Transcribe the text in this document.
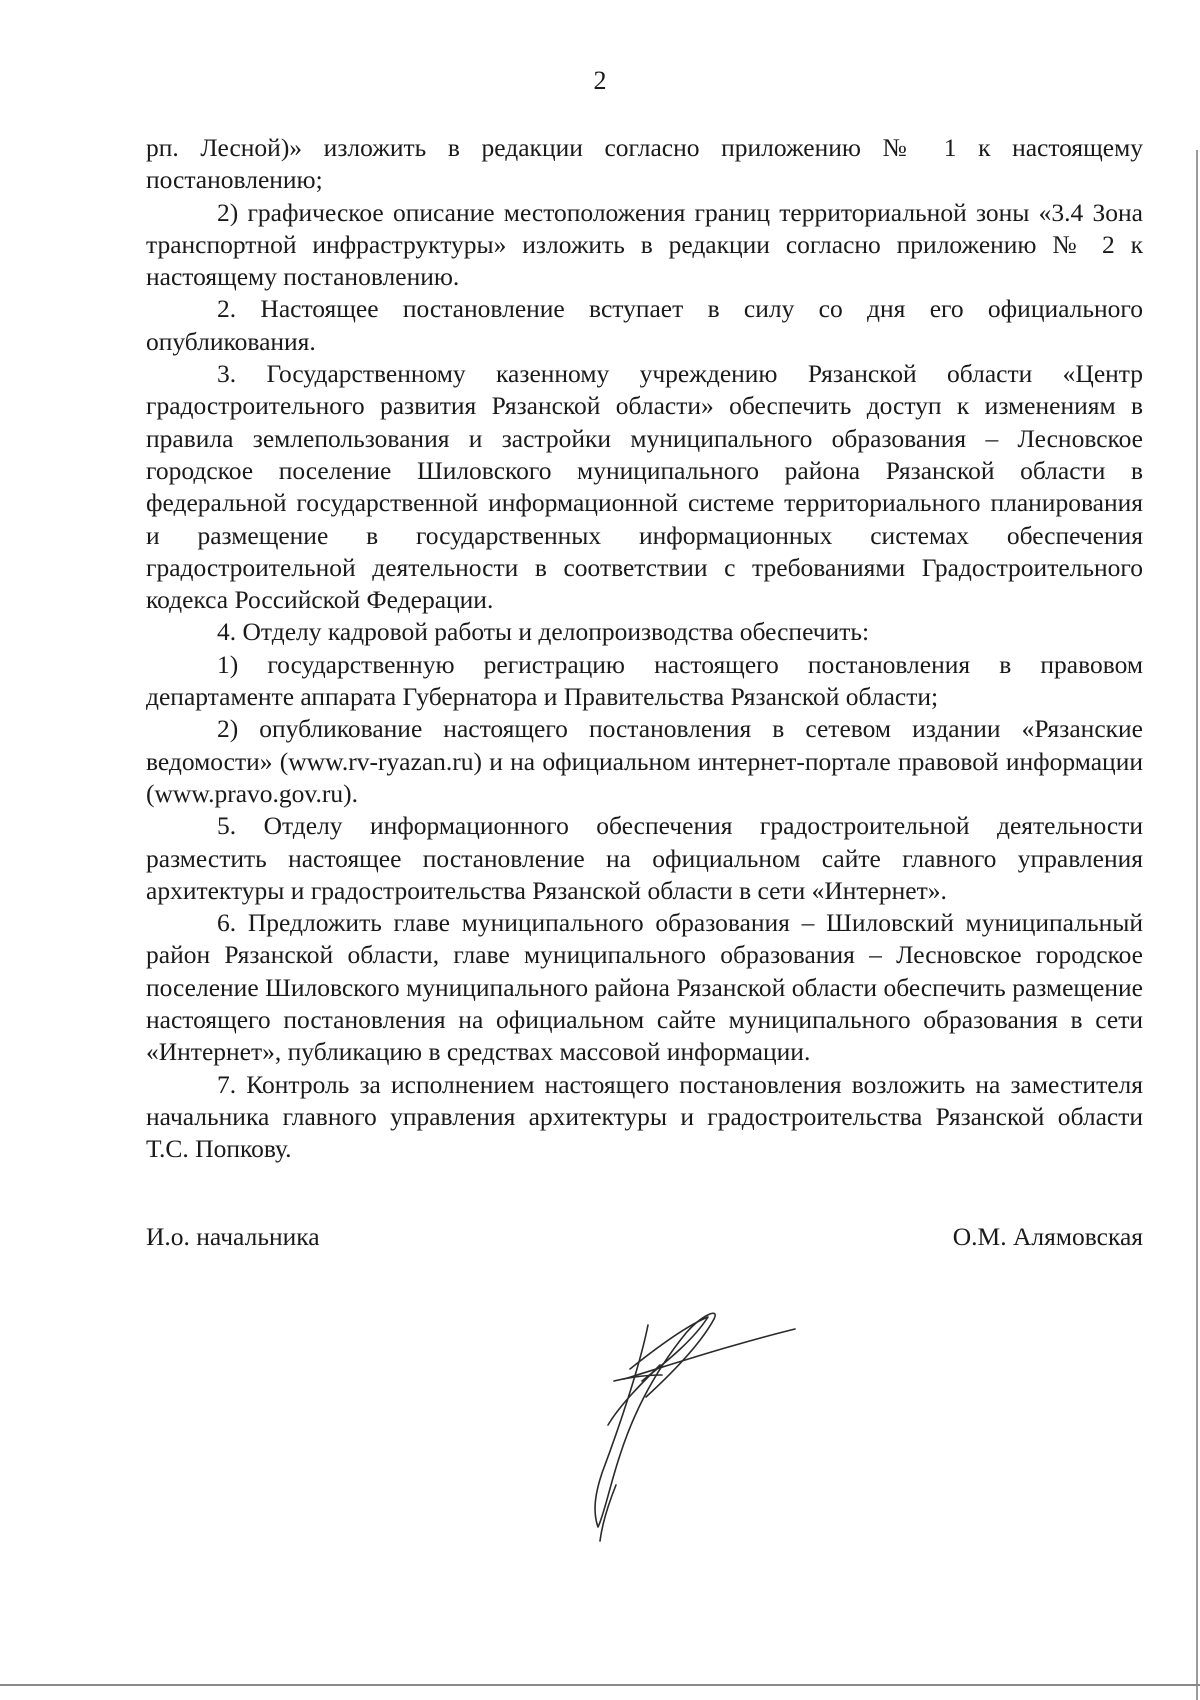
2

рп. Лесной)» изложить в редакции согласно приложению № 1 к настоящему постановлению;

2) графическое описание местоположения границ территориальной зоны «3.4 Зона транспортной инфраструктуры» изложить в редакции согласно приложению № 2 к настоящему постановлению.

2. Настоящее постановление вступает в силу со дня его официального опубликования.

3. Государственному казенному учреждению Рязанской области «Центр градостроительного развития Рязанской области» обеспечить доступ к изменениям в правила землепользования и застройки муниципального образования – Лесновское городское поселение Шиловского муниципального района Рязанской области в федеральной государственной информационной системе территориального планирования и размещение в государственных информационных системах обеспечения градостроительной деятельности в соответствии с требованиями Градостроительного кодекса Российской Федерации.

4. Отделу кадровой работы и делопроизводства обеспечить:

1) государственную регистрацию настоящего постановления в правовом департаменте аппарата Губернатора и Правительства Рязанской области;

2) опубликование настоящего постановления в сетевом издании «Рязанские ведомости» (www.rv-ryazan.ru) и на официальном интернет-портале правовой информации (www.pravo.gov.ru).

5. Отделу информационного обеспечения градостроительной деятельности разместить настоящее постановление на официальном сайте главного управления архитектуры и градостроительства Рязанской области в сети «Интернет».

6. Предложить главе муниципального образования – Шиловский муниципальный район Рязанской области, главе муниципального образования – Лесновское городское поселение Шиловского муниципального района Рязанской области обеспечить размещение настоящего постановления на официальном сайте муниципального образования в сети «Интернет», публикацию в средствах массовой информации.

7. Контроль за исполнением настоящего постановления возложить на заместителя начальника главного управления архитектуры и градостроительства Рязанской области Т.С. Попкову.

И.о. начальника	О.М. Алямовская
